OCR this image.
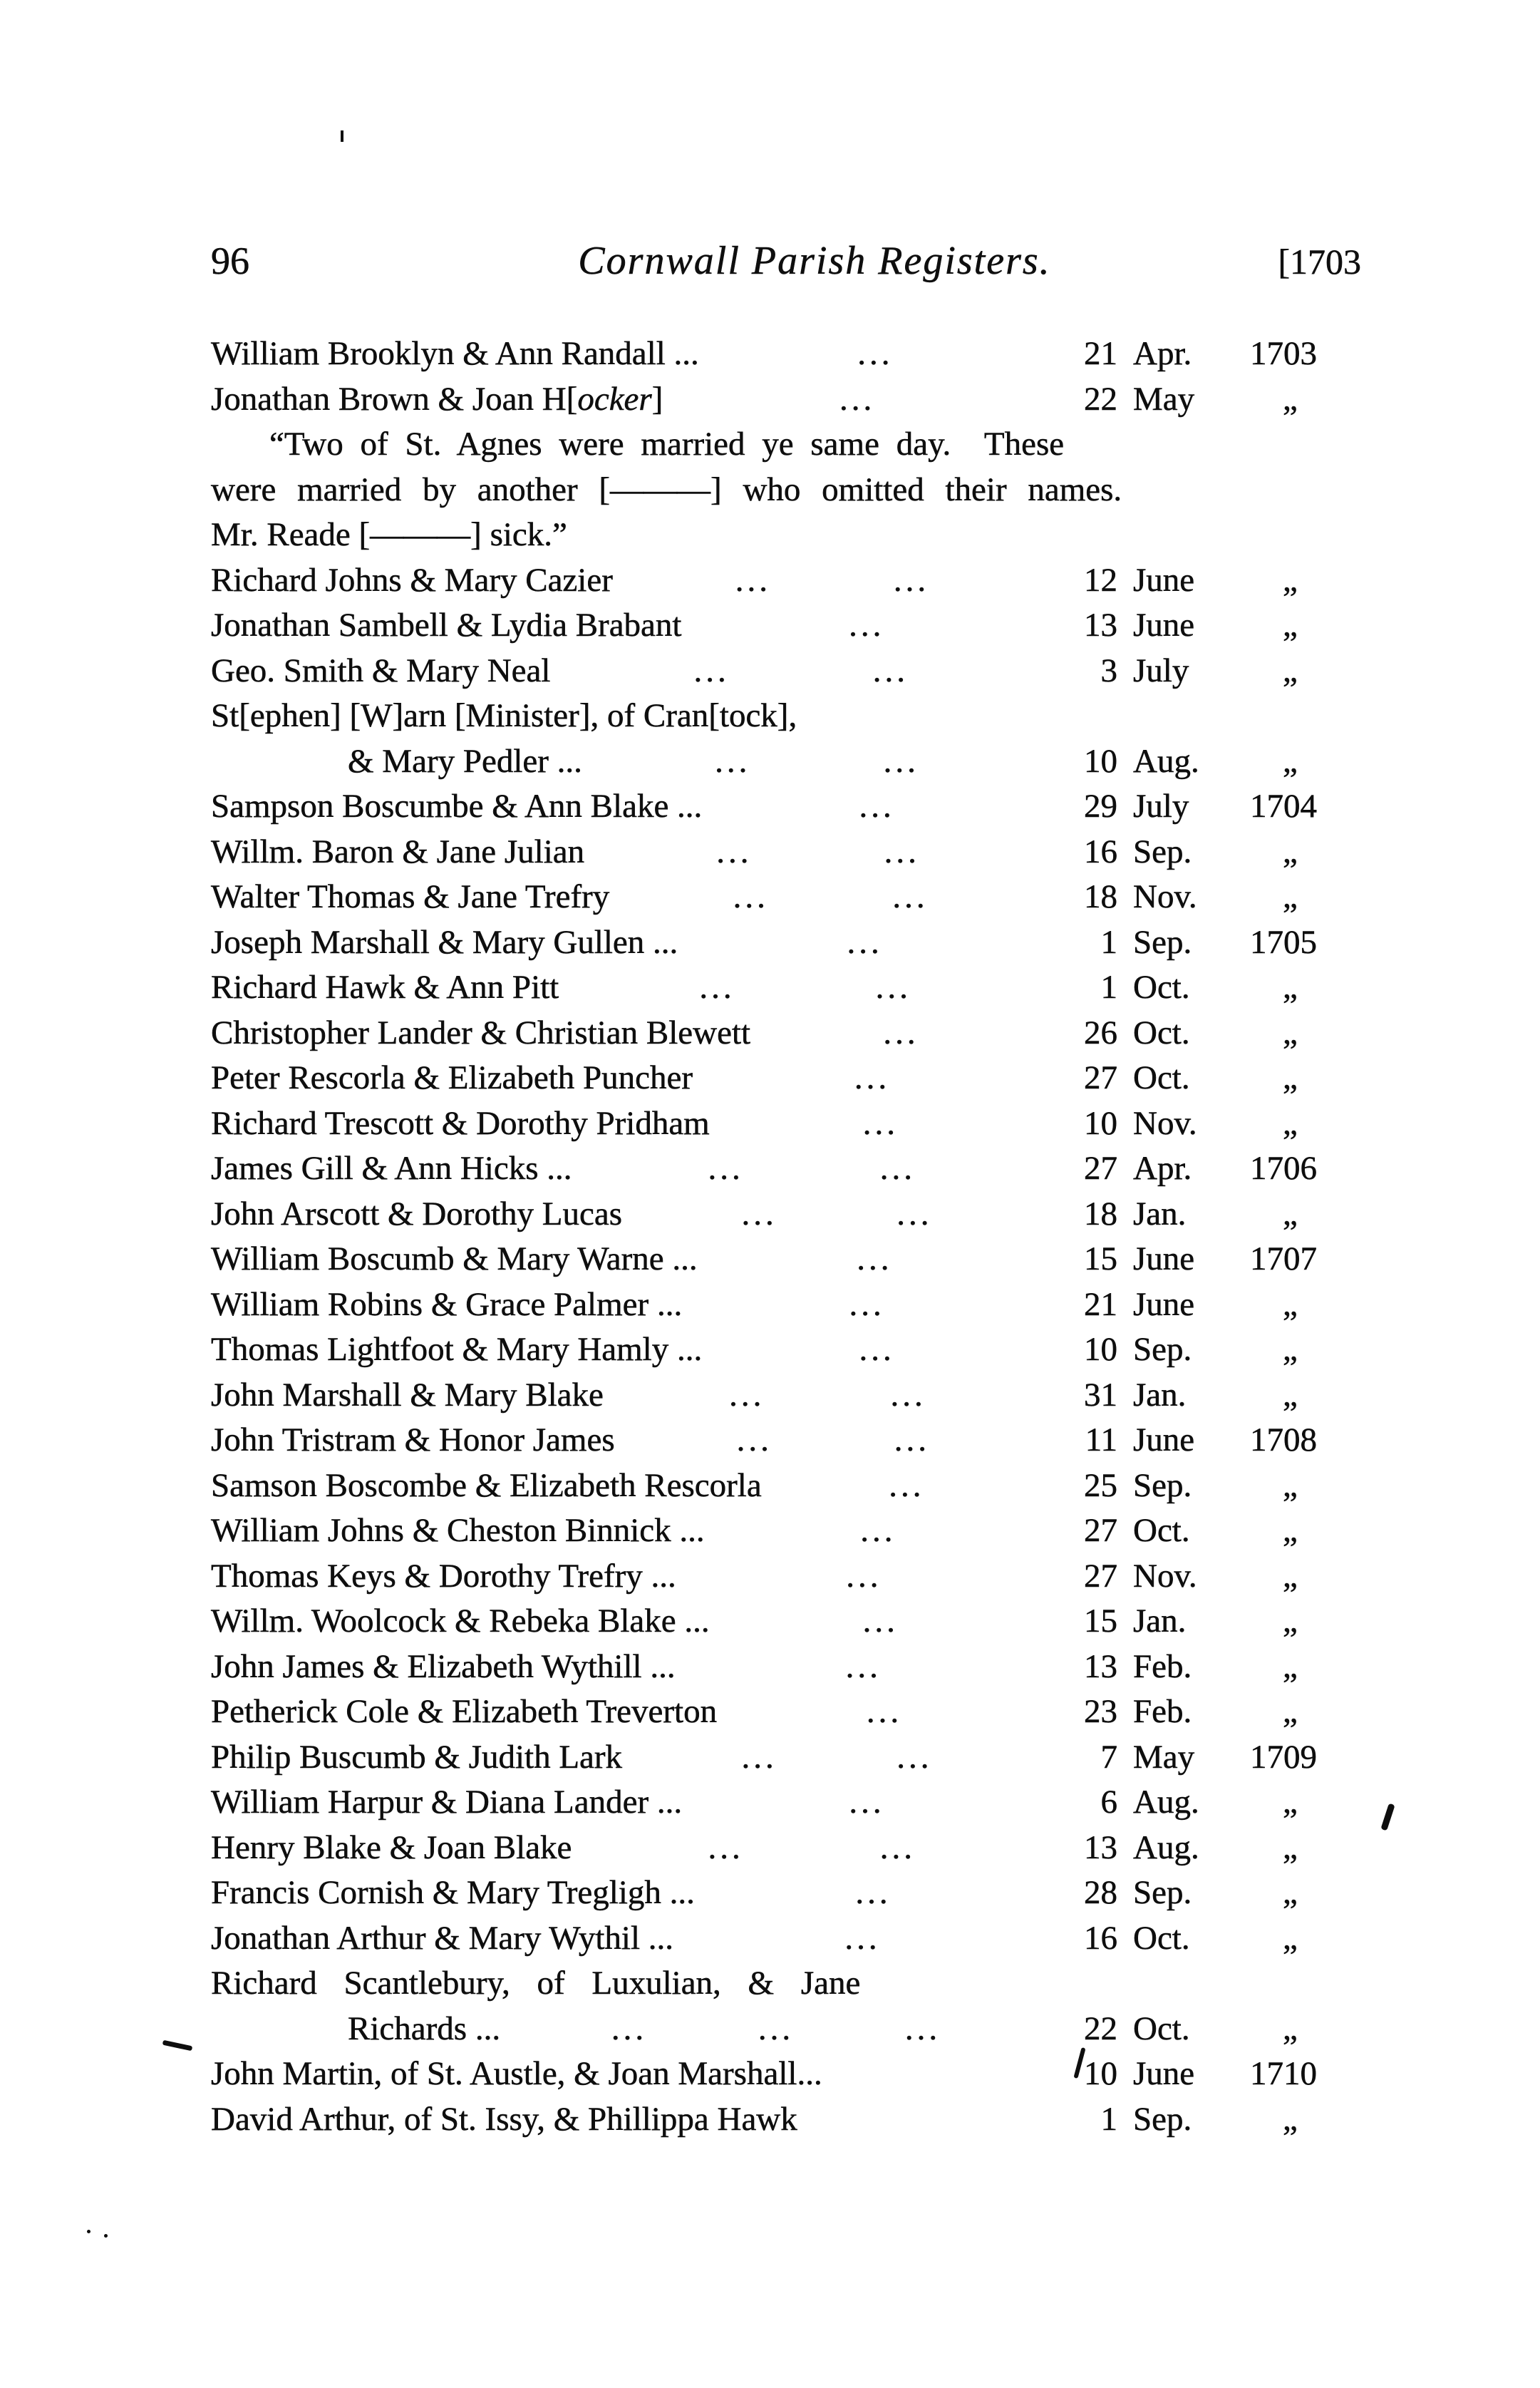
96	Cornwall Parish Registers.	[1703
William Brooklyn & Ann Randall ...	...	21 Apr.	1703
Jonathan Brown & Joan H[ocker]	...	22 May	„
“Two of St. Agnes were married ye same day.  These
were married by another [———] who omitted their names.
Mr. Reade [———] sick.”
Richard Johns & Mary Cazier	...	...	12 June	„
Jonathan Sambell & Lydia Brabant	...	13 June	„
Geo. Smith & Mary Neal	...	...	3 July	„
St[ephen] [W]arn [Minister], of Cran[tock],
& Mary Pedler ...	...	...	10 Aug.	„
Sampson Boscumbe & Ann Blake ...	...	29 July	1704
Willm. Baron & Jane Julian	...	...	16 Sep.	„
Walter Thomas & Jane Trefry	...	...	18 Nov.	„
Joseph Marshall & Mary Gullen ...	...	1 Sep.	1705
Richard Hawk & Ann Pitt	...	...	1 Oct.	„
Christopher Lander & Christian Blewett	...	26 Oct.	„
Peter Rescorla & Elizabeth Puncher	...	27 Oct.	„
Richard Trescott & Dorothy Pridham	...	10 Nov.	„
James Gill & Ann Hicks ...	...	...	27 Apr.	1706
John Arscott & Dorothy Lucas	...	...	18 Jan.	„
William Boscumb & Mary Warne ...	...	15 June	1707
William Robins & Grace Palmer ...	...	21 June	„
Thomas Lightfoot & Mary Hamly ...	...	10 Sep.	„
John Marshall & Mary Blake	...	...	31 Jan.	„
John Tristram & Honor James	...	...	11 June	1708
Samson Boscombe & Elizabeth Rescorla	...	25 Sep.	„
William Johns & Cheston Binnick ...	...	27 Oct.	„
Thomas Keys & Dorothy Trefry ...	...	27 Nov.	„
Willm. Woolcock & Rebeka Blake ...	...	15 Jan.	„
John James & Elizabeth Wythill ...	...	13 Feb.	„
Petherick Cole & Elizabeth Treverton	...	23 Feb.	„
Philip Buscumb & Judith Lark	...	...	7 May	1709
William Harpur & Diana Lander ...	...	6 Aug.	„
Henry Blake & Joan Blake	...	...	13 Aug.	„
Francis Cornish & Mary Tregligh ...	...	28 Sep.	„
Jonathan Arthur & Mary Wythil ...	...	16 Oct.	„
Richard Scantlebury, of Luxulian, & Jane
Richards ...	...	...	...	22 Oct.	„
John Martin, of St. Austle, & Joan Marshall...	10 June	1710
David Arthur, of St. Issy, & Phillippa Hawk	1 Sep.	„
